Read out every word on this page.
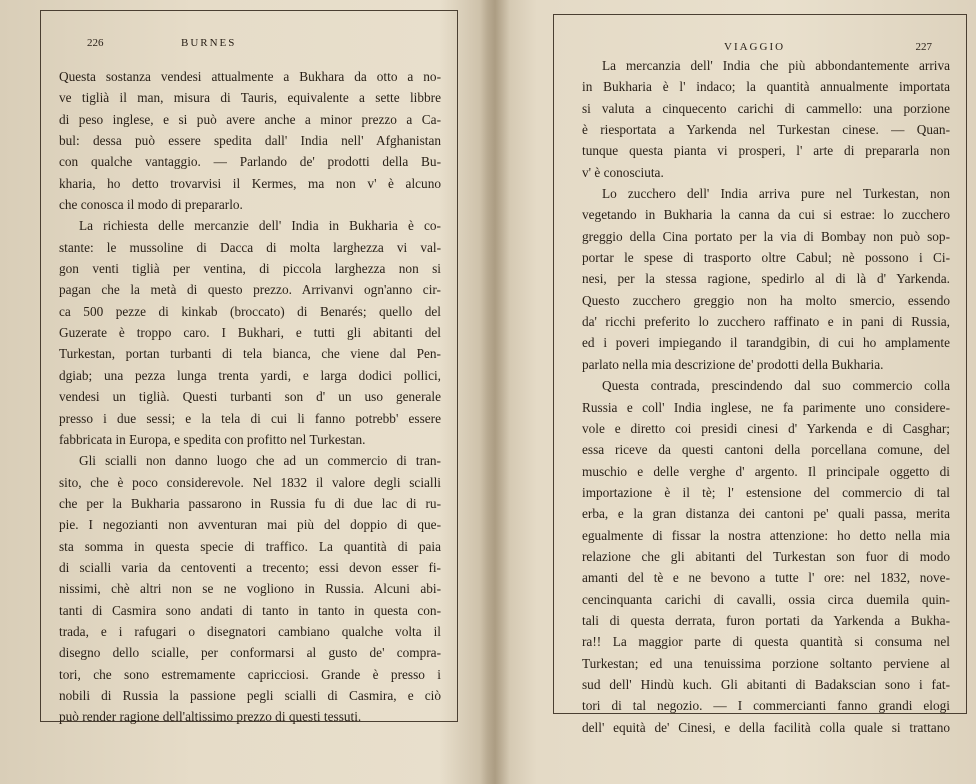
226	BURNES
Questa sostanza vendesi attualmente a Bukhara da otto a no-
ve tiglià il man, misura di Tauris, equivalente a sette libbre
di peso inglese, e si può avere anche a minor prezzo a Ca-
bul: dessa può essere spedita dall' India nell' Afghanistan
con qualche vantaggio. — Parlando de' prodotti della Bu-
kharia, ho detto trovarvisi il Kermes, ma non v' è alcuno
che conosca il modo di prepararlo.
La richiesta delle mercanzie dell' India in Bukharia è co-
stante: le mussoline di Dacca di molta larghezza vi val-
gon venti tiglià per ventina, di piccola larghezza non si
pagan che la metà di questo prezzo. Arrivanvi ogn'anno cir-
ca 500 pezze di kinkab (broccato) di Benarés; quello del
Guzerate è troppo caro. I Bukhari, e tutti gli abitanti del
Turkestan, portan turbanti di tela bianca, che viene dal Pen-
dgiab; una pezza lunga trenta yardi, e larga dodici pollici,
vendesi un tiglià. Questi turbanti son d' un uso generale
presso i due sessi; e la tela di cui li fanno potrebb' essere
fabbricata in Europa, e spedita con profitto nel Turkestan.
Gli scialli non danno luogo che ad un commercio di tran-
sito, che è poco considerevole. Nel 1832 il valore degli scialli
che per la Bukharia passarono in Russia fu di due lac di ru-
pie. I negozianti non avventuran mai più del doppio di que-
sta somma in questa specie di traffico. La quantità di paia
di scialli varia da centoventi a trecento; essi devon esser fi-
nissimi, chè altri non se ne vogliono in Russia. Alcuni abi-
tanti di Casmira sono andati di tanto in tanto in questa con-
trada, e i rafugari o disegnatori cambiano qualche volta il
disegno dello scialle, per conformarsi al gusto de' compra-
tori, che sono estremamente capricciosi. Grande è presso i
nobili di Russia la passione pegli scialli di Casmira, e ciò
può render ragione dell'altissimo prezzo di questi tessuti.
VIAGGIO	227
La mercanzia dell' India che più abbondantemente arriva
in Bukharia è l' indaco; la quantità annualmente importata
si valuta a cinquecento carichi di cammello: una porzione
è riesportata a Yarkenda nel Turkestan cinese. — Quan-
tunque questa pianta vi prosperi, l' arte di prepararla non
v' è conosciuta.
Lo zucchero dell' India arriva pure nel Turkestan, non
vegetando in Bukharia la canna da cui si estrae: lo zucchero
greggio della Cina portato per la via di Bombay non può sop-
portar le spese di trasporto oltre Cabul; nè possono i Ci-
nesi, per la stessa ragione, spedirlo al di là d' Yarkenda.
Questo zucchero greggio non ha molto smercio, essendo
da' ricchi preferito lo zucchero raffinato e in pani di Russia,
ed i poveri impiegando il tarandgibin, di cui ho amplamente
parlato nella mia descrizione de' prodotti della Bukharia.
Questa contrada, prescindendo dal suo commercio colla
Russia e coll' India inglese, ne fa parimente uno considere-
vole e diretto coi presidi cinesi d' Yarkenda e di Casghar;
essa riceve da questi cantoni della porcellana comune, del
muschio e delle verghe d' argento. Il principale oggetto di
importazione è il tè; l' estensione del commercio di tal
erba, e la gran distanza dei cantoni pe' quali passa, merita
egualmente di fissar la nostra attenzione: ho detto nella mia
relazione che gli abitanti del Turkestan son fuor di modo
amanti del tè e ne bevono a tutte l' ore: nel 1832, nove-
cencinquanta carichi di cavalli, ossia circa duemila quin-
tali di questa derrata, furon portati da Yarkenda a Bukha-
ra!! La maggior parte di questa quantità si consuma nel
Turkestan; ed una tenuissima porzione soltanto perviene al
sud dell' Hindù kuch. Gli abitanti di Badakscian sono i fat-
tori di tal negozio. — I commercianti fanno grandi elogi
dell' equità de' Cinesi, e della facilità colla quale si trattano
